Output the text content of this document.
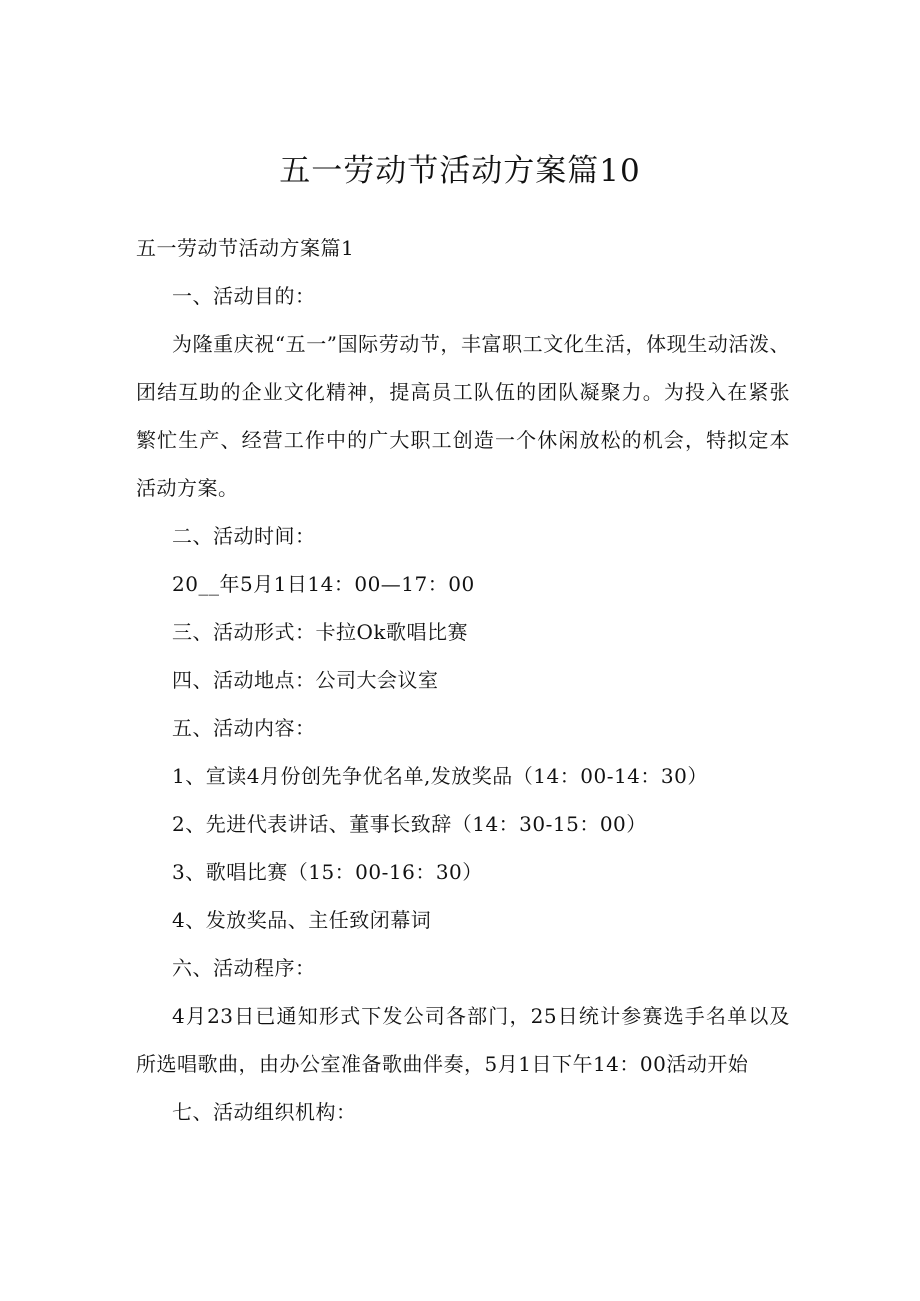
五一劳动节活动方案篇10

五一劳动节活动方案篇1

一、活动目的：

为隆重庆祝“五一”国际劳动节，丰富职工文化生活，体现生动活泼、团结互助的企业文化精神，提高员工队伍的团队凝聚力。为投入在紧张繁忙生产、经营工作中的广大职工创造一个休闲放松的机会，特拟定本活动方案。

二、活动时间：

20__年5月1日14：00—17：00

三、活动形式：卡拉Ok歌唱比赛

四、活动地点：公司大会议室

五、活动内容：

1、宣读4月份创先争优名单,发放奖品（14：00-14：30）

2、先进代表讲话、董事长致辞（14：30-15：00）

3、歌唱比赛（15：00-16：30）

4、发放奖品、主任致闭幕词

六、活动程序：

4月23日已通知形式下发公司各部门，25日统计参赛选手名单以及所选唱歌曲，由办公室准备歌曲伴奏，5月1日下午14：00活动开始

七、活动组织机构：
